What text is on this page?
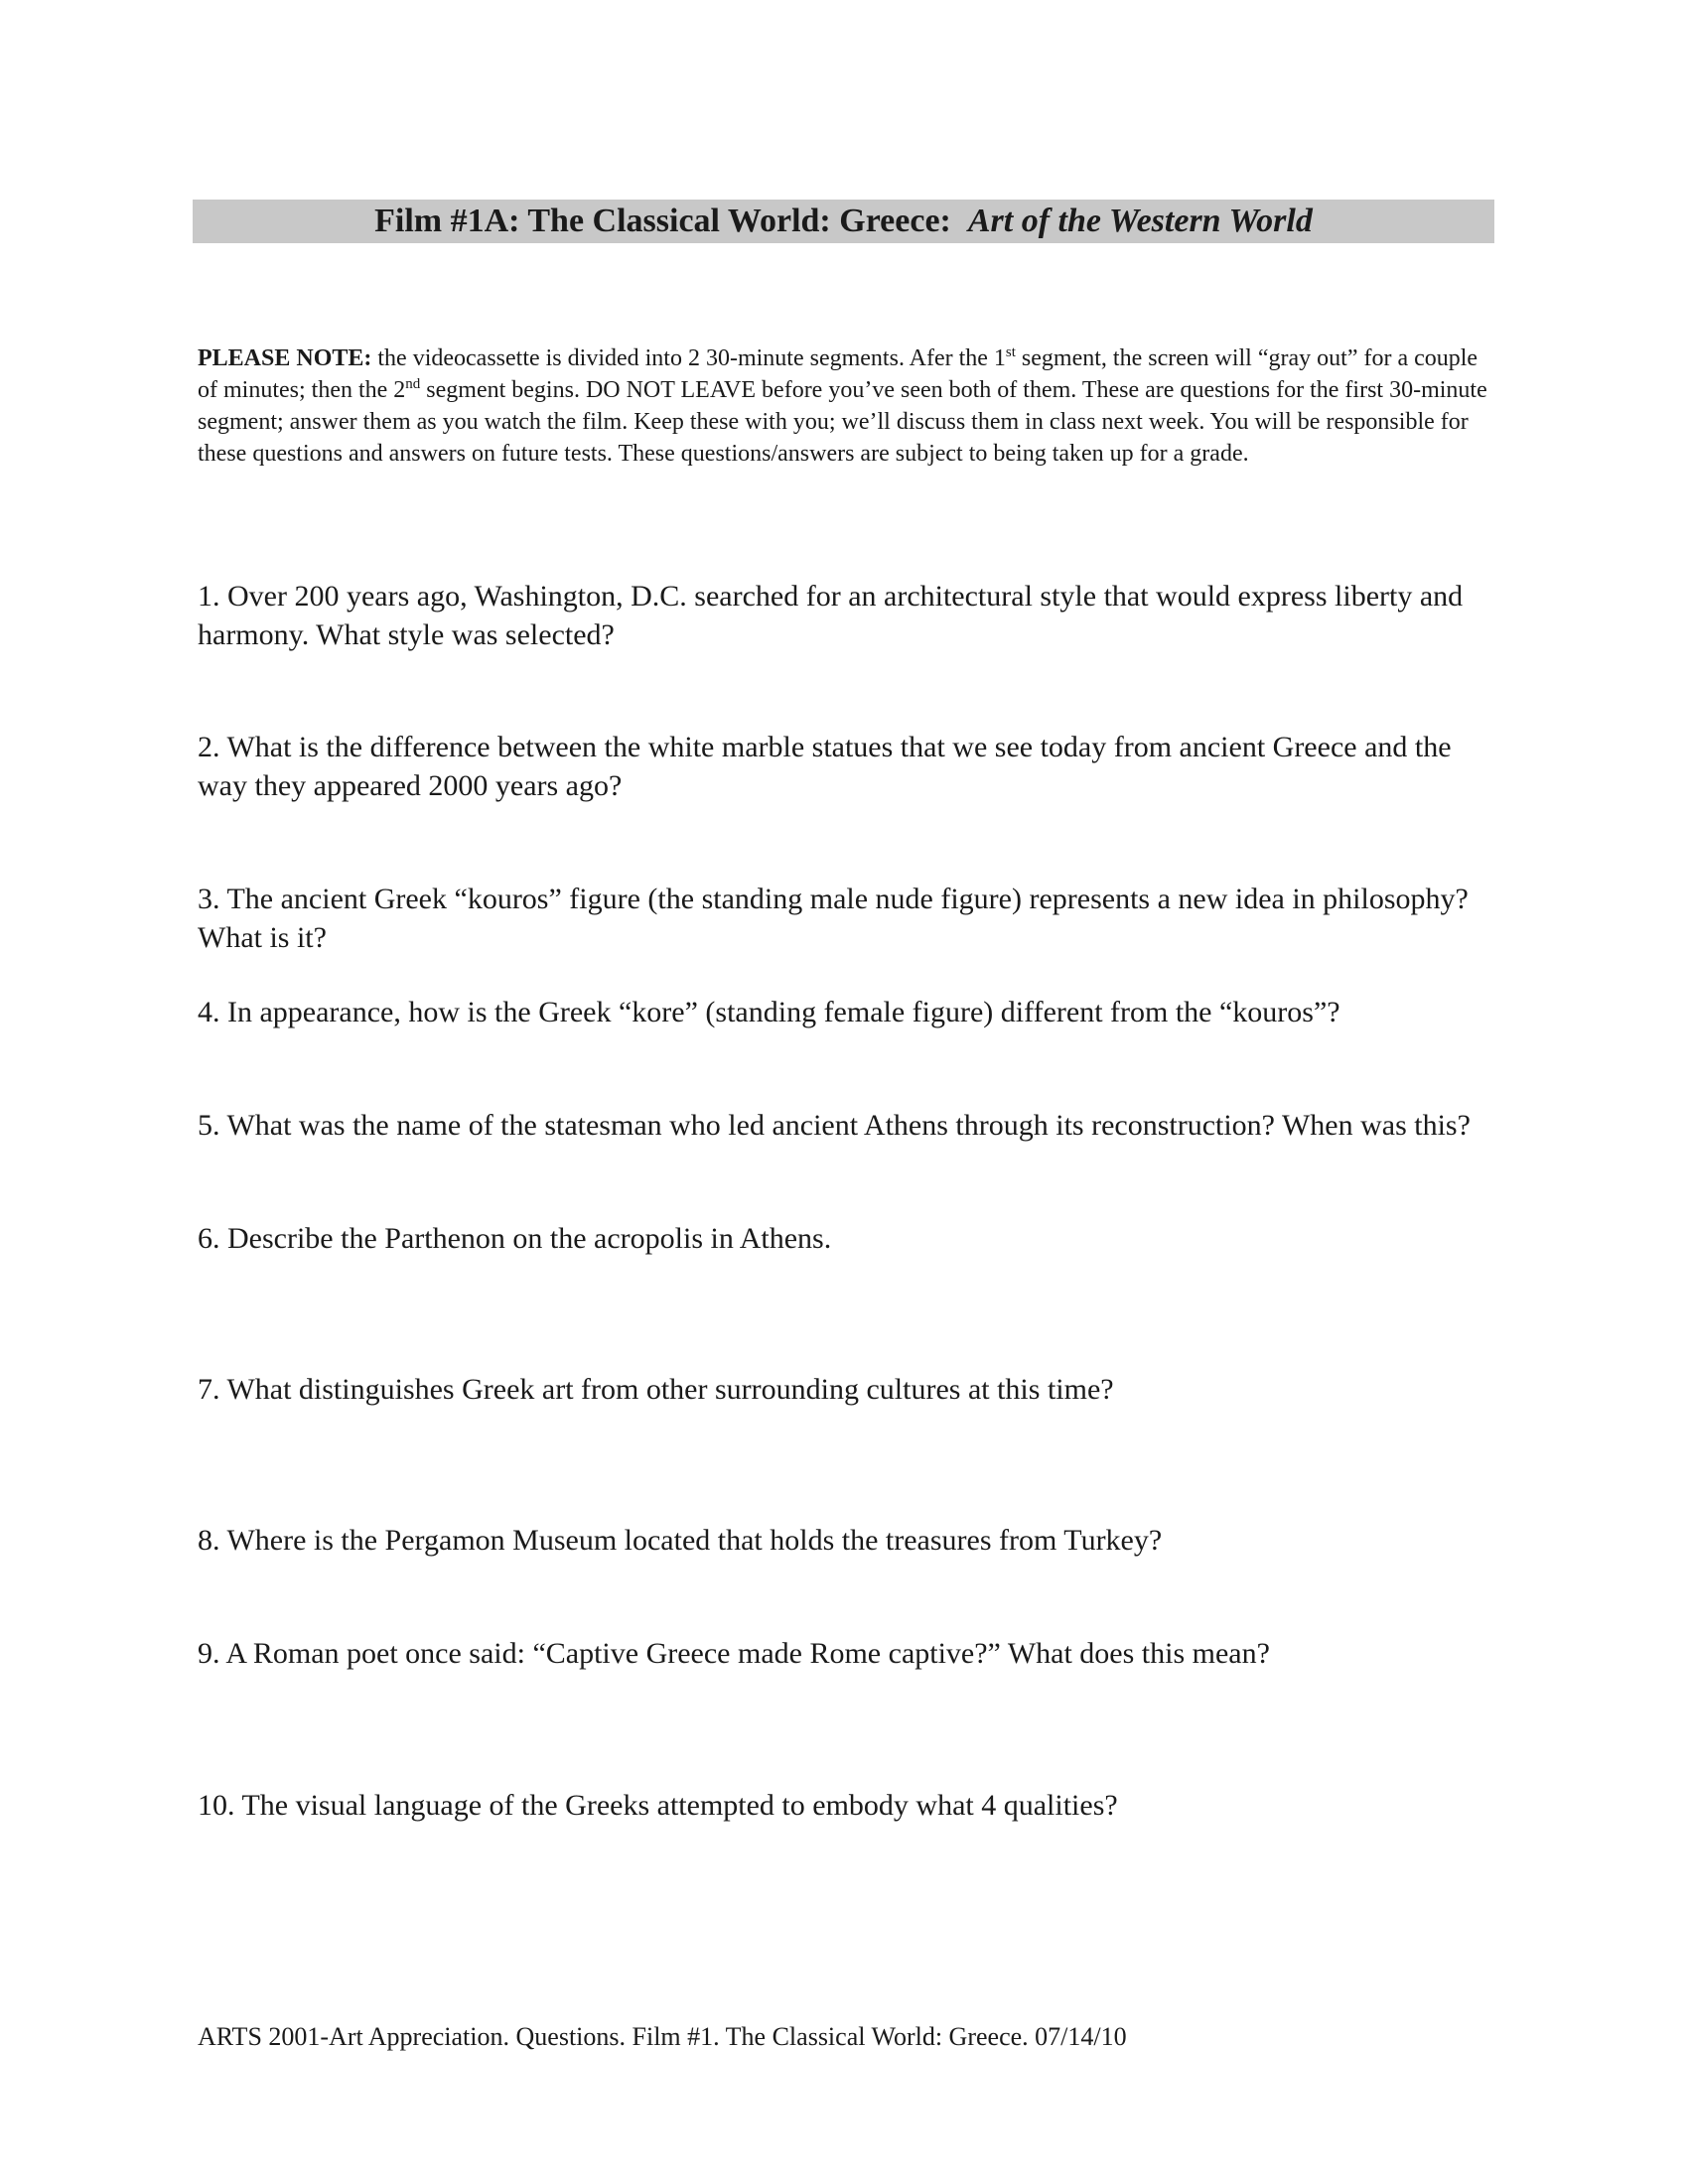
Film #1A: The Classical World: Greece: Art of the Western World
PLEASE NOTE: the videocassette is divided into 2 30-minute segments. Afer the 1st segment, the screen will “gray out” for a couple of minutes; then the 2nd segment begins. DO NOT LEAVE before you’ve seen both of them. These are questions for the first 30-minute segment; answer them as you watch the film. Keep these with you; we’ll discuss them in class next week. You will be responsible for these questions and answers on future tests. These questions/answers are subject to being taken up for a grade.
1. Over 200 years ago, Washington, D.C. searched for an architectural style that would express liberty and harmony. What style was selected?
2. What is the difference between the white marble statues that we see today from ancient Greece and the way they appeared 2000 years ago?
3. The ancient Greek “kouros” figure (the standing male nude figure) represents a new idea in philosophy? What is it?
4. In appearance, how is the Greek “kore” (standing female figure) different from the “kouros”?
5. What was the name of the statesman who led ancient Athens through its reconstruction? When was this?
6. Describe the Parthenon on the acropolis in Athens.
7. What distinguishes Greek art from other surrounding cultures at this time?
8. Where is the Pergamon Museum located that holds the treasures from Turkey?
9. A Roman poet once said: “Captive Greece made Rome captive?” What does this mean?
10. The visual language of the Greeks attempted to embody what 4 qualities?
ARTS 2001-Art Appreciation. Questions. Film #1. The Classical World: Greece. 07/14/10
